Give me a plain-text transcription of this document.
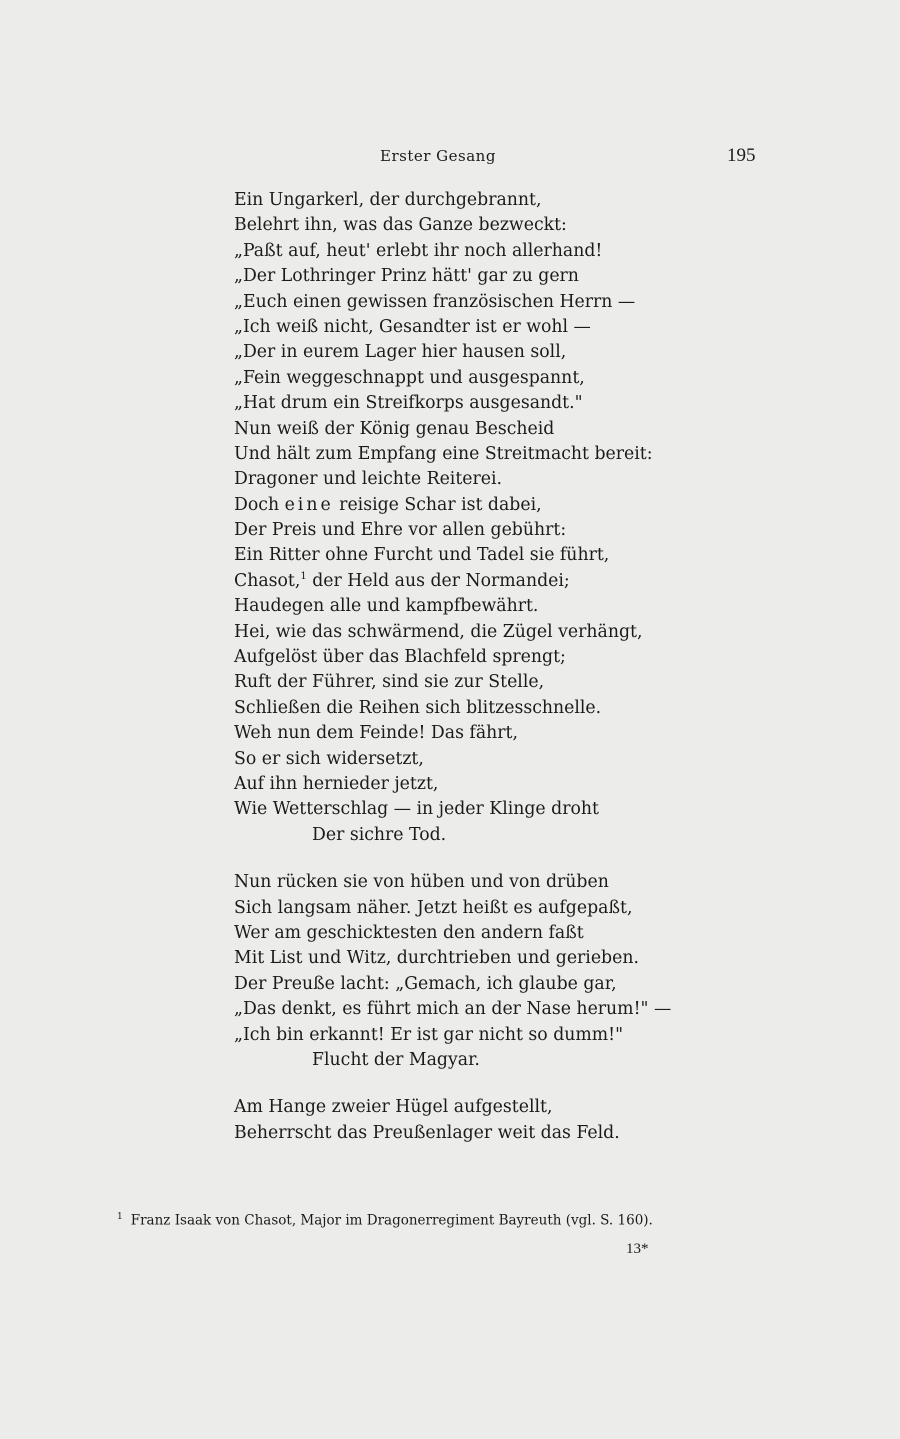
Erster Gesang	195
Ein Ungarkerl, der durchgebrannt,
Belehrt ihn, was das Ganze bezweckt:
„Paßt auf, heut' erlebt ihr noch allerhand!
„Der Lothringer Prinz hätt' gar zu gern
„Euch einen gewissen französischen Herrn —
„Ich weiß nicht, Gesandter ist er wohl —
„Der in eurem Lager hier hausen soll,
„Fein weggeschnappt und ausgespannt,
„Hat drum ein Streifkorps ausgesandt."
Nun weiß der König genau Bescheid
Und hält zum Empfang eine Streitmacht bereit:
Dragoner und leichte Reiterei.
Doch eine reisige Schar ist dabei,
Der Preis und Ehre vor allen gebührt:
Ein Ritter ohne Furcht und Tadel sie führt,
Chasot,$^1$ der Held aus der Normandei;
Haudegen alle und kampfbewährt.
Hei, wie das schwärmend, die Zügel verhängt,
Aufgelöst über das Blachfeld sprengt;
Ruft der Führer, sind sie zur Stelle,
Schließen die Reihen sich blitzesschnelle.
Weh nun dem Feinde! Das fährt,
So er sich widersetzt,
Auf ihn hernieder jetzt,
Wie Wetterschlag — in jeder Klinge droht
Der sichre Tod.
Nun rücken sie von hüben und von drüben
Sich langsam näher. Jetzt heißt es aufgepaßt,
Wer am geschicktesten den andern faßt
Mit List und Witz, durchtrieben und gerieben.
Der Preuße lacht: „Gemach, ich glaube gar,
„Das denkt, es führt mich an der Nase herum!" —
„Ich bin erkannt! Er ist gar nicht so dumm!"
Flucht der Magyar.
Am Hange zweier Hügel aufgestellt,
Beherrscht das Preußenlager weit das Feld.
$^1$ Franz Isaak von Chasot, Major im Dragonerregiment Bayreuth (vgl. S. 160).
13*
